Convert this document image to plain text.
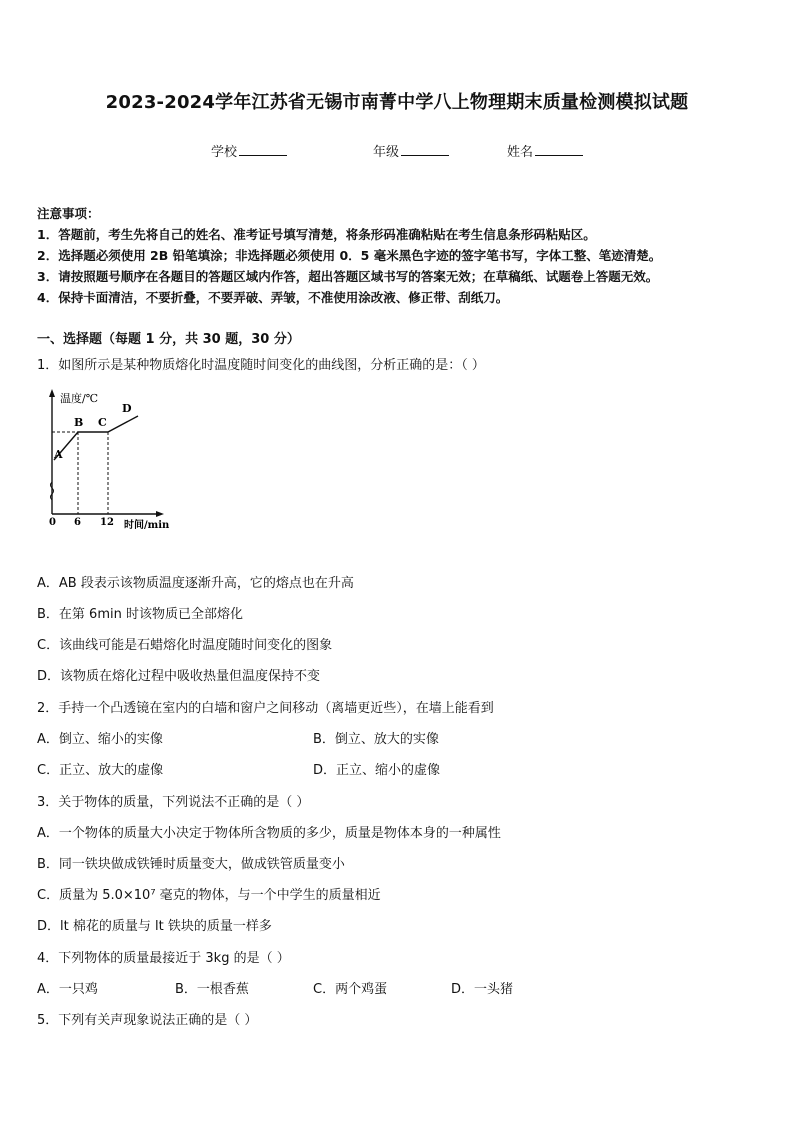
2023-2024学年江苏省无锡市南菁中学八上物理期末质量检测模拟试题
学校	年级	姓名
注意事项：
1．答题前，考生先将自己的姓名、准考证号填写清楚，将条形码准确粘贴在考生信息条形码粘贴区。
2．选择题必须使用 2B 铅笔填涂；非选择题必须使用 0．5 毫米黑色字迹的签字笔书写，字体工整、笔迹清楚。
3．请按照题号顺序在各题目的答题区域内作答，超出答题区域书写的答案无效；在草稿纸、试题卷上答题无效。
4．保持卡面清洁，不要折叠，不要弄破、弄皱，不准使用涂改液、修正带、刮纸刀。
一、选择题（每题 1 分，共 30 题，30 分）
1．如图所示是某种物质熔化时温度随时间变化的曲线图，分析正确的是：（ ）
温度/℃
时间/min
0 6 12
A
B C
D
A．AB 段表示该物质温度逐渐升高，它的熔点也在升高
B．在第 6min 时该物质已全部熔化
C．该曲线可能是石蜡熔化时温度随时间变化的图象
D．该物质在熔化过程中吸收热量但温度保持不变
2．手持一个凸透镜在室内的白墙和窗户之间移动（离墙更近些），在墙上能看到
A．倒立、缩小的实像	B．倒立、放大的实像
C．正立、放大的虚像	D．正立、缩小的虚像
3．关于物体的质量，下列说法不正确的是（ ）
A．一个物体的质量大小决定于物体所含物质的多少，质量是物体本身的一种属性
B．同一铁块做成铁锤时质量变大，做成铁管质量变小
C．质量为 5.0×10⁷ 毫克的物体，与一个中学生的质量相近
D．lt 棉花的质量与 lt 铁块的质量一样多
4．下列物体的质量最接近于 3kg 的是（ ）
A．一只鸡	B．一根香蕉	C．两个鸡蛋	D．一头猪
5．下列有关声现象说法正确的是（ ）
